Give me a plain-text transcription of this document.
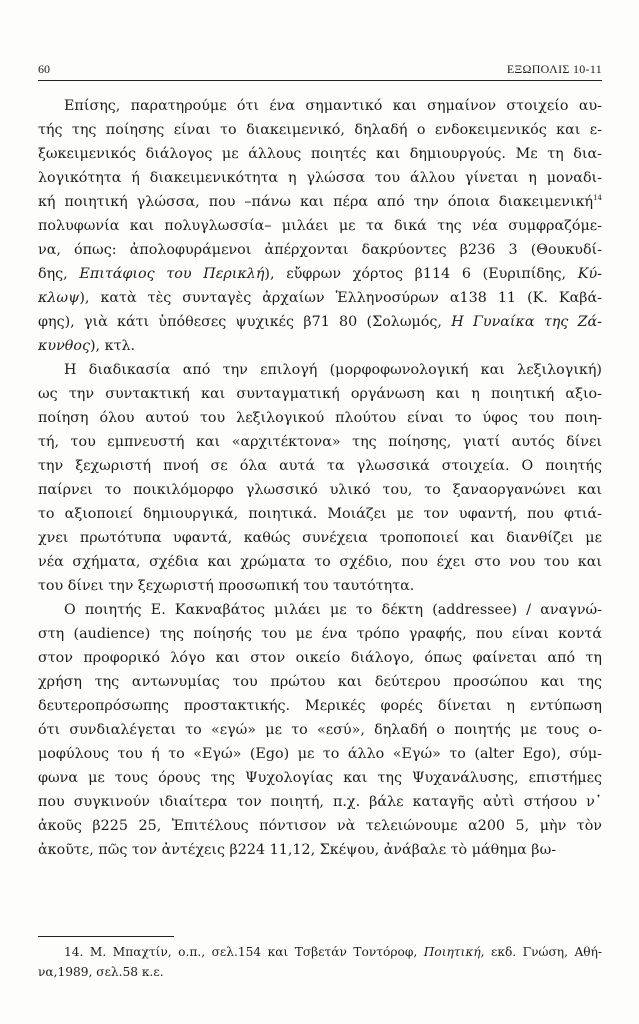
60	ΕΞΩΠΟΛΙΣ 10-11
Επίσης, παρατηρούμε ότι ένα σημαντικό και σημαίνον στοιχείο αυ-
τής της ποίησης είναι το διακειμενικό, δηλαδή ο ενδοκειμενικός και ε-
ξωκειμενικός διάλογος με άλλους ποιητές και δημιουργούς. Με τη δια-
λογικότητα ή διακειμενικότητα η γλώσσα του άλλου γίνεται η μοναδι-
κή ποιητική γλώσσα, που –πάνω και πέρα από την όποια διακειμενική$^{14}$
πολυφωνία και πολυγλωσσία– μιλάει με τα δικά της νέα συμφραζόμε-
να, όπως: ἀπολοφυράμενοι ἀπέρχονται δακρύοντες β236 3 (Θουκυδί-
δης, Επιτάφιος του Περικλή), εὔφρων χόρτος β114 6 (Ευριπίδης, Κύ-
κλωψ), κατὰ τὲς συνταγὲς ἀρχαίων Ἑλληνοσύρων α138 11 (Κ. Καβά-
φης), γιὰ κάτι ὑπόθεσες ψυχικές β71 80 (Σολωμός, Η Γυναίκα της Ζά-
κυνθος), κτλ.
Η διαδικασία από την επιλογή (μορφοφωνολογική και λεξιλογική)
ως την συντακτική και συνταγματική οργάνωση και η ποιητική αξιο-
ποίηση όλου αυτού του λεξιλογικού πλούτου είναι το ύφος του ποιη-
τή, του εμπνευστή και «αρχιτέκτονα» της ποίησης, γιατί αυτός δίνει
την ξεχωριστή πνοή σε όλα αυτά τα γλωσσικά στοιχεία. Ο ποιητής
παίρνει το ποικιλόμορφο γλωσσικό υλικό του, το ξαναοργανώνει και
το αξιοποιεί δημιουργικά, ποιητικά. Μοιάζει με τον υφαντή, που φτιά-
χνει πρωτότυπα υφαντά, καθώς συνέχεια τροποποιεί και διανθίζει με
νέα σχήματα, σχέδια και χρώματα το σχέδιο, που έχει στο νου του και
του δίνει την ξεχωριστή προσωπική του ταυτότητα.
Ο ποιητής Ε. Κακναβάτος μιλάει με το δέκτη (addressee) / αναγνώ-
στη (audience) της ποίησής του με ένα τρόπο γραφής, που είναι κοντά
στον προφορικό λόγο και στον οικείο διάλογο, όπως φαίνεται από τη
χρήση της αντωνυμίας του πρώτου και δεύτερου προσώπου και της
δευτεροπρόσωπης προστακτικής. Μερικές φορές δίνεται η εντύπωση
ότι συνδιαλέγεται το «εγώ» με το «εσύ», δηλαδή ο ποιητής με τους ο-
μοφύλους του ή το «Εγώ» (Ego) με το άλλο «Εγώ» το (alter Ego), σύμ-
φωνα με τους όρους της Ψυχολογίας και της Ψυχανάλυσης, επιστήμες
που συγκινούν ιδιαίτερα τον ποιητή, π.χ. βάλε καταγῆς αὐτὶ στήσου ν᾽
ἀκοῦς β225 25, Ἐπιτέλους πόντισον νὰ τελειώνουμε α200 5, μὴν τὸν
ἀκοῦτε, πῶς τον ἀντέχεις β224 11,12, Σκέψου, ἀνάβαλε τὸ μάθημα βω-
14. Μ. Μπαχτίν, ο.π., σελ.154 και Τσβετάν Τοντόροφ, Ποιητική, εκδ. Γνώση, Αθή-
να,1989, σελ.58 κ.ε.
